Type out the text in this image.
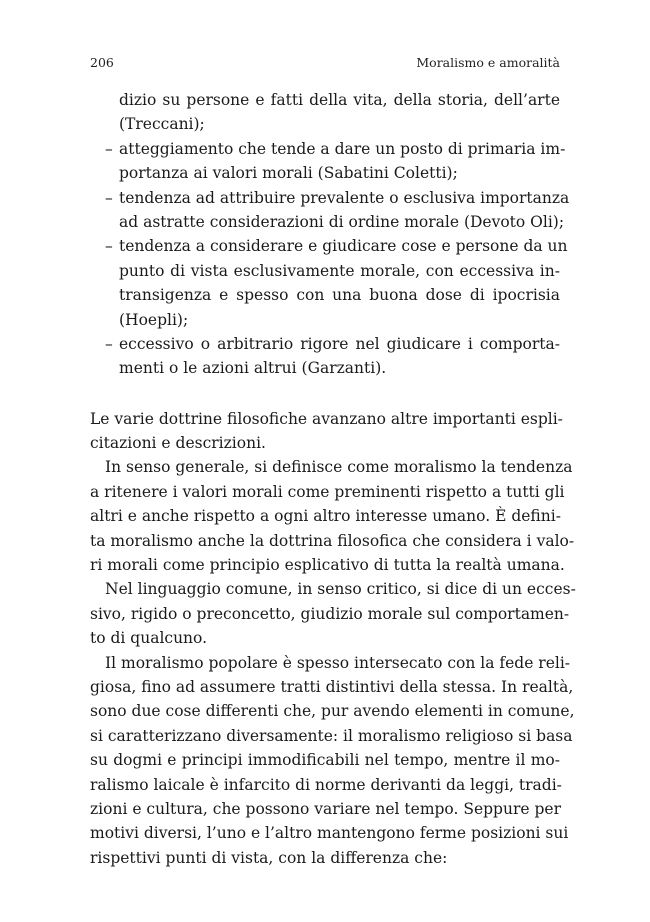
206	Moralismo e amoralità
dizio su persone e fatti della vita, della storia, dell’arte
(Treccani);
– atteggiamento che tende a dare un posto di primaria im-
portanza ai valori morali (Sabatini Coletti);
– tendenza ad attribuire prevalente o esclusiva importanza
ad astratte considerazioni di ordine morale (Devoto Oli);
– tendenza a considerare e giudicare cose e persone da un
punto di vista esclusivamente morale, con eccessiva in-
transigenza e spesso con una buona dose di ipocrisia
(Hoepli);
– eccessivo o arbitrario rigore nel giudicare i comporta-
menti o le azioni altrui (Garzanti).
Le varie dottrine filosofiche avanzano altre importanti espli-
citazioni e descrizioni.
In senso generale, si definisce come moralismo la tendenza
a ritenere i valori morali come preminenti rispetto a tutti gli
altri e anche rispetto a ogni altro interesse umano. È defini-
ta moralismo anche la dottrina filosofica che considera i valo-
ri morali come principio esplicativo di tutta la realtà umana.
Nel linguaggio comune, in senso critico, si dice di un ecces-
sivo, rigido o preconcetto, giudizio morale sul comportamen-
to di qualcuno.
Il moralismo popolare è spesso intersecato con la fede reli-
giosa, fino ad assumere tratti distintivi della stessa. In realtà,
sono due cose differenti che, pur avendo elementi in comune,
si caratterizzano diversamente: il moralismo religioso si basa
su dogmi e principi immodificabili nel tempo, mentre il mo-
ralismo laicale è infarcito di norme derivanti da leggi, tradi-
zioni e cultura, che possono variare nel tempo. Seppure per
motivi diversi, l’uno e l’altro mantengono ferme posizioni sui
rispettivi punti di vista, con la differenza che:
